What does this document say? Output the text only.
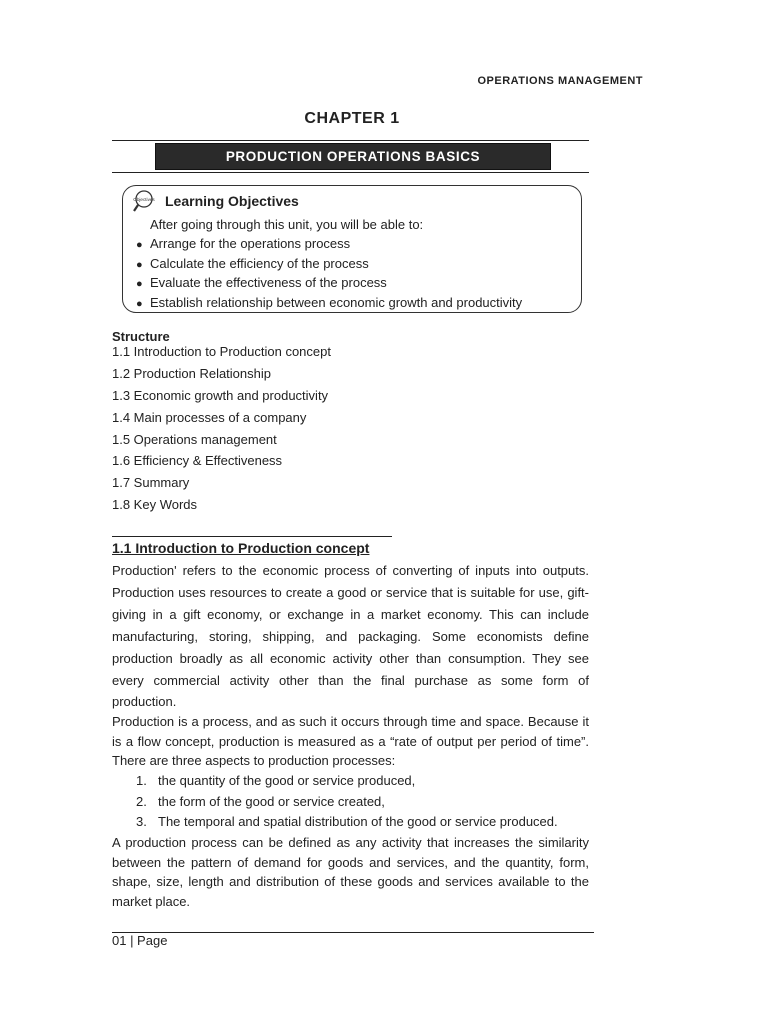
OPERATIONS MANAGEMENT
CHAPTER 1
PRODUCTION OPERATIONS BASICS
Objectives Learning Objectives
After going through this unit, you will be able to:
● Arrange for the operations process
● Calculate the efficiency of the process
● Evaluate the effectiveness of the process
● Establish relationship between economic growth and productivity
Structure
1.1 Introduction to Production concept
1.2 Production Relationship
1.3 Economic growth and productivity
1.4 Main processes of a company
1.5 Operations management
1.6 Efficiency & Effectiveness
1.7 Summary
1.8 Key Words
1.1 Introduction to Production concept

Production' refers to the economic process of converting of inputs into outputs. Production uses resources to create a good or service that is suitable for use, gift-giving in a gift economy, or exchange in a market economy. This can include manufacturing, storing, shipping, and packaging. Some economists define production broadly as all economic activity other than consumption. They see every commercial activity other than the final purchase as some form of production.

Production is a process, and as such it occurs through time and space. Because it is a flow concept, production is measured as a “rate of output per period of time”. There are three aspects to production processes:

1. the quantity of the good or service produced,
2. the form of the good or service created,
3. The temporal and spatial distribution of the good or service produced.

A production process can be defined as any activity that increases the similarity between the pattern of demand for goods and services, and the quantity, form, shape, size, length and distribution of these goods and services available to the market place.

01 | Page
